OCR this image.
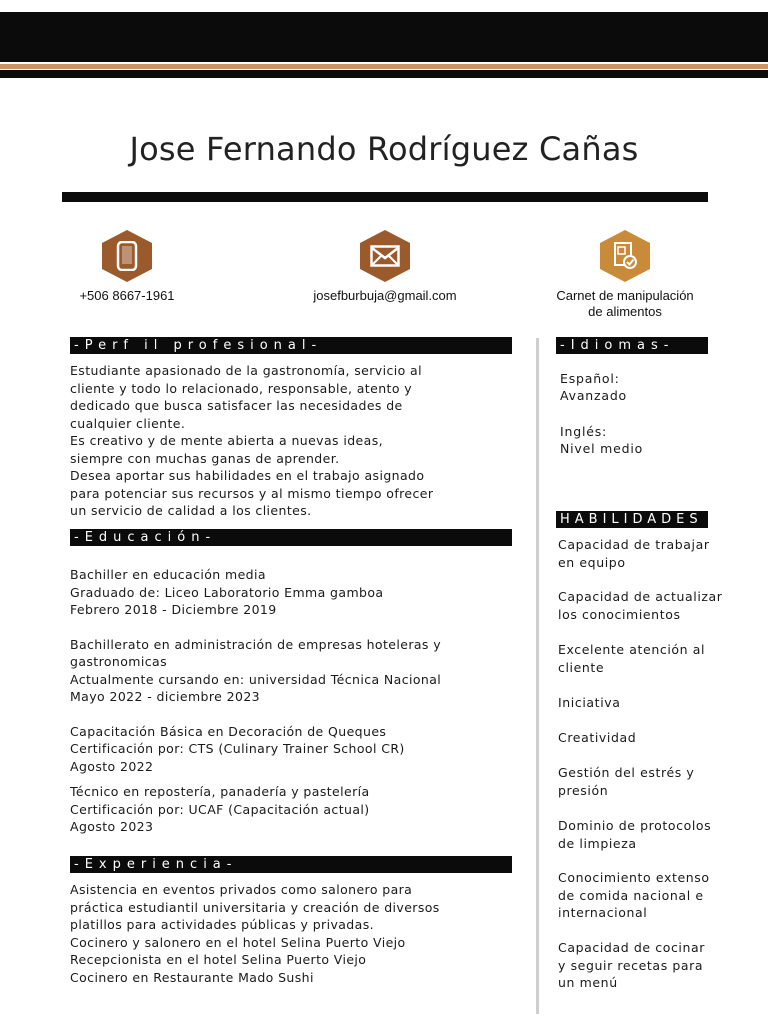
Jose Fernando Rodríguez Cañas
+506 8667-1961	josefburbuja@gmail.com	Carnet de manipulación
de alimentos
-Perf il profesional-

Estudiante apasionado de la gastronomía, servicio al

cliente y todo lo relacionado, responsable, atento y

dedicado que busca satisfacer las necesidades de

cualquier cliente.

Es creativo y de mente abierta a nuevas ideas,

siempre con muchas ganas de aprender.

Desea aportar sus habilidades en el trabajo asignado

para potenciar sus recursos y al mismo tiempo ofrecer

un servicio de calidad a los clientes.

-Educación-

Bachiller en educación media

Graduado de: Liceo Laboratorio Emma gamboa

Febrero 2018 - Diciembre 2019

Bachillerato en administración de empresas hoteleras y

gastronomicas

Actualmente cursando en: universidad Técnica Nacional

Mayo 2022 - diciembre 2023

Capacitación Básica en Decoración de Queques

Certificación por: CTS (Culinary Trainer School CR)

Agosto 2022

Técnico en repostería, panadería y pastelería

Certificación por: UCAF (Capacitación actual)

Agosto 2023

-Experiencia-

Asistencia en eventos privados como salonero para

práctica estudiantil universitaria y creación de diversos

platillos para actividades públicas y privadas.

Cocinero y salonero en el hotel Selina Puerto Viejo

Recepcionista en el hotel Selina Puerto Viejo

Cocinero en Restaurante Mado Sushi

-Idiomas-

Español:

Avanzado

Inglés:

Nivel medio

HABILIDADES
Capacidad de trabajar
en equipo
Capacidad de actualizar
los conocimientos
Excelente atención al
cliente
Iniciativa
Creatividad
Gestión del estrés y
presión
Dominio de protocolos
de limpieza
Conocimiento extenso
de comida nacional e
internacional
Capacidad de cocinar
y seguir recetas para
un menú
